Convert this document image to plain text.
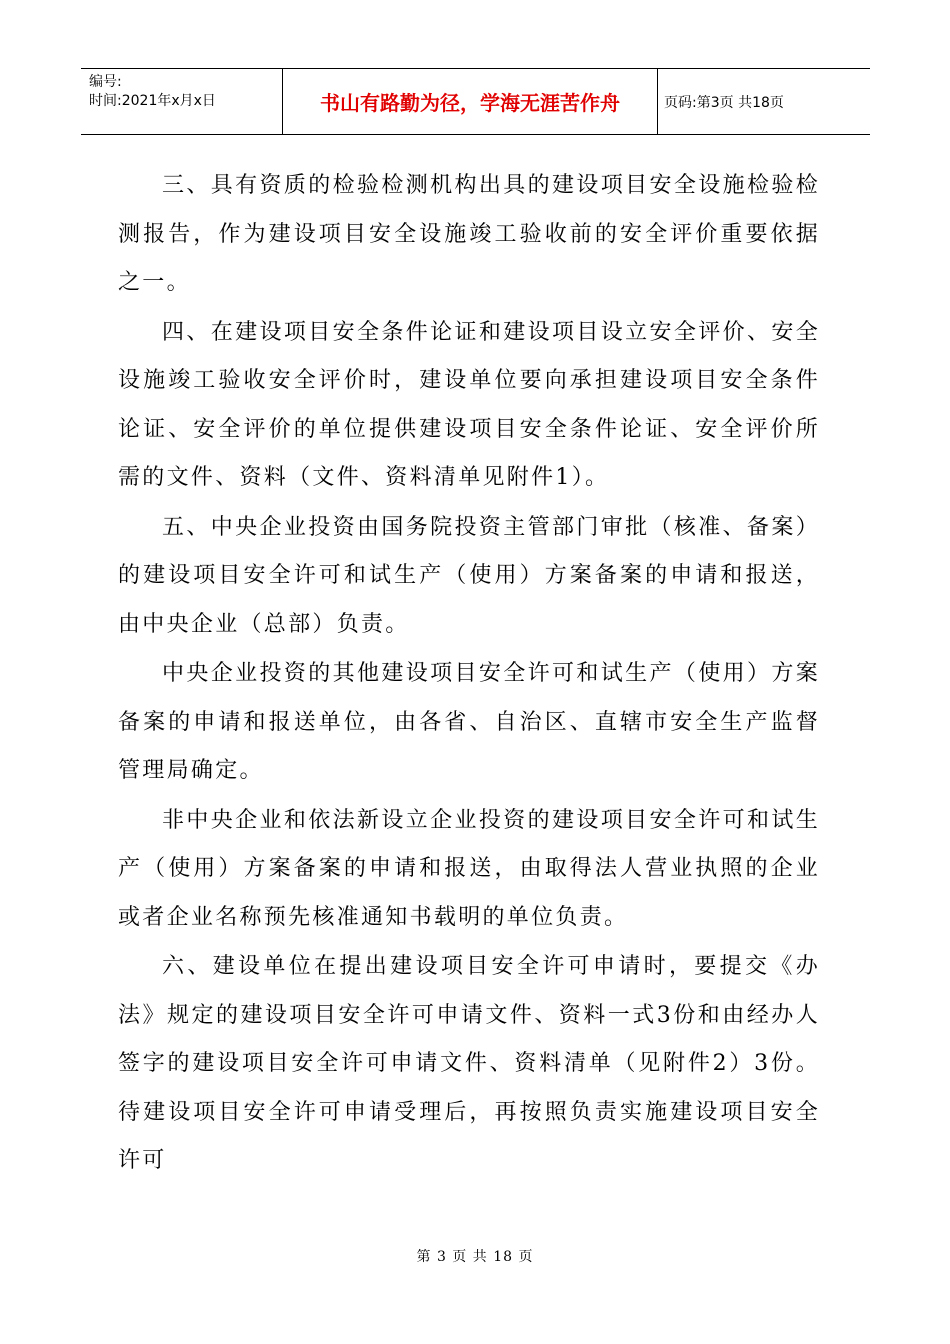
编号:
时间:2021年x月x日	书山有路勤为径，学海无涯苦作舟	页码:第3页 共18页

三、具有资质的检验检测机构出具的建设项目安全设施检验检测报告，作为建设项目安全设施竣工验收前的安全评价重要依据之一。

四、在建设项目安全条件论证和建设项目设立安全评价、安全设施竣工验收安全评价时，建设单位要向承担建设项目安全条件论证、安全评价的单位提供建设项目安全条件论证、安全评价所需的文件、资料（文件、资料清单见附件1）。

五、中央企业投资由国务院投资主管部门审批（核准、备案）的建设项目安全许可和试生产（使用）方案备案的申请和报送，由中央企业（总部）负责。

中央企业投资的其他建设项目安全许可和试生产（使用）方案备案的申请和报送单位，由各省、自治区、直辖市安全生产监督管理局确定。

非中央企业和依法新设立企业投资的建设项目安全许可和试生产（使用）方案备案的申请和报送，由取得法人营业执照的企业或者企业名称预先核准通知书载明的单位负责。

六、建设单位在提出建设项目安全许可申请时，要提交《办法》规定的建设项目安全许可申请文件、资料一式3份和由经办人签字的建设项目安全许可申请文件、资料清单（见附件2）3份。待建设项目安全许可申请受理后，再按照负责实施建设项目安全许可

第 3 页 共 18 页
